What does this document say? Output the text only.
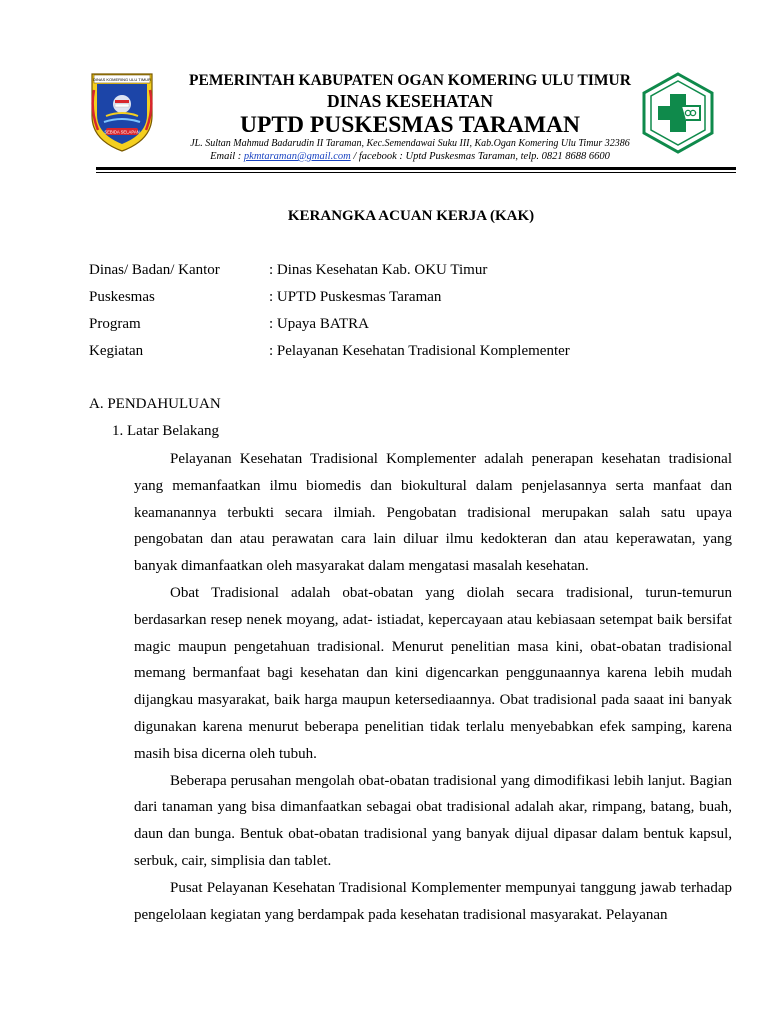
DINAS KOMERING ULU TIMUR
SEBIDA SELAPAN
PEMERINTAH KABUPATEN OGAN KOMERING ULU TIMUR
DINAS KESEHATAN
UPTD PUSKESMAS TARAMAN
JL. Sultan Mahmud Badarudin II Taraman, Kec.Semendawai Suku III, Kab.Ogan Komering Ulu Timur 32386
Email : pkmtaraman@gmail.com / facebook : Uptd Puskesmas Taraman, telp. 0821 8688 6600
KERANGKA ACUAN KERJA (KAK)
Dinas/ Badan/ Kantor	: Dinas Kesehatan Kab. OKU Timur
Puskesmas	: UPTD Puskesmas Taraman
Program	: Upaya BATRA
Kegiatan	: Pelayanan Kesehatan Tradisional Komplementer
A. PENDAHULUAN
1. Latar Belakang

Pelayanan Kesehatan Tradisional Komplementer adalah penerapan kesehatan tradisional yang memanfaatkan ilmu biomedis dan biokultural dalam penjelasannya serta manfaat dan keamanannya terbukti secara ilmiah. Pengobatan tradisional merupakan salah satu upaya pengobatan dan atau perawatan cara lain diluar ilmu kedokteran dan atau keperawatan, yang banyak dimanfaatkan oleh masyarakat dalam mengatasi masalah kesehatan.

Obat Tradisional adalah obat-obatan yang diolah secara tradisional, turun-temurun berdasarkan resep nenek moyang, adat- istiadat, kepercayaan atau kebiasaan setempat baik bersifat magic maupun pengetahuan tradisional. Menurut penelitian masa kini, obat-obatan tradisional memang bermanfaat bagi kesehatan dan kini digencarkan penggunaannya karena lebih mudah dijangkau masyarakat, baik harga maupun ketersediaannya. Obat tradisional pada saaat ini banyak digunakan karena menurut beberapa penelitian tidak terlalu menyebabkan efek samping, karena masih bisa dicerna oleh tubuh.

Beberapa perusahan mengolah obat-obatan tradisional yang dimodifikasi lebih lanjut. Bagian dari tanaman yang bisa dimanfaatkan sebagai obat tradisional adalah akar, rimpang, batang, buah, daun dan bunga. Bentuk obat-obatan tradisional yang banyak dijual dipasar dalam bentuk kapsul, serbuk, cair, simplisia dan tablet.

Pusat Pelayanan Kesehatan Tradisional Komplementer mempunyai tanggung jawab terhadap pengelolaan kegiatan yang berdampak pada kesehatan tradisional masyarakat. Pelayanan
